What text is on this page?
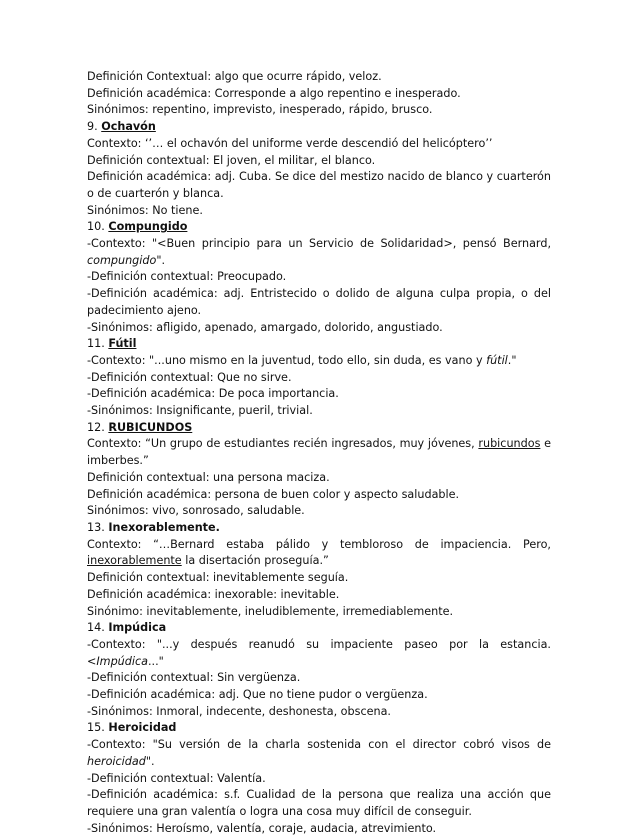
Definición Contextual: algo que ocurre rápido, veloz.

Definición académica: Corresponde a algo repentino e inesperado.

Sinónimos: repentino, imprevisto, inesperado, rápido, brusco.

9. Ochavón

Contexto: ‘’… el ochavón del uniforme verde descendió del helicóptero’’

Definición contextual: El joven, el militar, el blanco.

Definición académica: adj. Cuba. Se dice del mestizo nacido de blanco y cuarterón o de cuarterón y blanca.

Sinónimos: No tiene.

10. Compungido

-Contexto: "<Buen principio para un Servicio de Solidaridad>, pensó Bernard, compungido".

-Definición contextual: Preocupado.

-Definición académica: adj. Entristecido o dolido de alguna culpa propia, o del padecimiento ajeno.

-Sinónimos: afligido, apenado, amargado, dolorido, angustiado.

11. Fútil

-Contexto: "...uno mismo en la juventud, todo ello, sin duda, es vano y fútil."

-Definición contextual: Que no sirve.

-Definición académica: De poca importancia.

-Sinónimos: Insignificante, pueril, trivial.

12. RUBICUNDOS

Contexto: “Un grupo de estudiantes recién ingresados, muy jóvenes, rubicundos e imberbes.”

Definición contextual: una persona maciza.

Definición académica: persona de buen color y aspecto saludable.

Sinónimos: vivo, sonrosado, saludable.

13. Inexorablemente.

Contexto: “…Bernard estaba pálido y tembloroso de impaciencia. Pero, inexorablemente la disertación proseguía.”

Definición contextual: inevitablemente seguía.

Definición académica: inexorable: inevitable.

Sinónimo: inevitablemente, ineludiblemente, irremediablemente.

14. Impúdica

-Contexto: "...y después reanudó su impaciente paseo por la estancia. <Impúdica..."

-Definición contextual: Sin vergüenza.

-Definición académica: adj. Que no tiene pudor o vergüenza.

-Sinónimos: Inmoral, indecente, deshonesta, obscena.

15. Heroicidad

-Contexto: "Su versión de la charla sostenida con el director cobró visos de heroicidad".

-Definición contextual: Valentía.

-Definición académica: s.f. Cualidad de la persona que realiza una acción que requiere una gran valentía o logra una cosa muy difícil de conseguir.

-Sinónimos: Heroísmo, valentía, coraje, audacia, atrevimiento.
